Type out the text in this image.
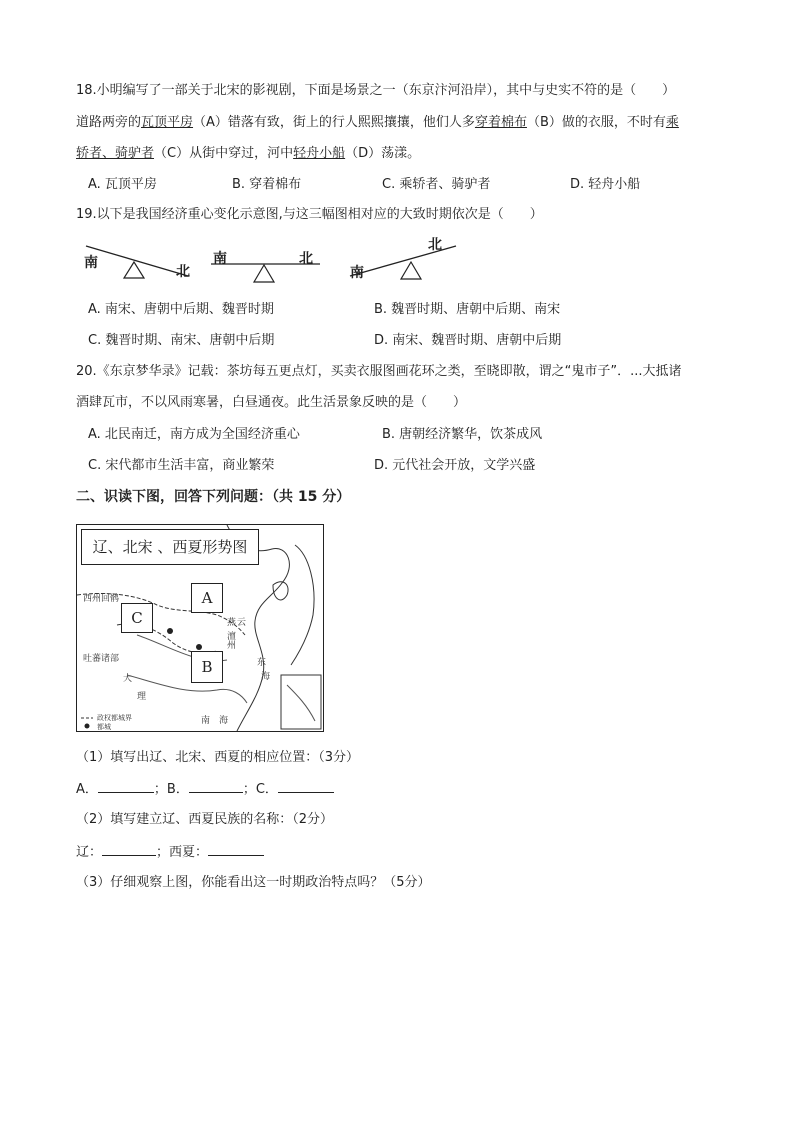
18.小明编写了一部关于北宋的影视剧，下面是场景之一（东京汴河沿岸），其中与史实不符的是（　　）
道路两旁的瓦顶平房（A）错落有致，街上的行人熙熙攘攘，他们人多穿着棉布（B）做的衣服，不时有乘
轿者、骑驴者（C）从街中穿过，河中轻舟小船（D）荡漾。
A. 瓦顶平房	B. 穿着棉布	C. 乘轿者、骑驴者	D. 轻舟小船
19.以下是我国经济重心变化示意图,与这三幅图相对应的大致时期依次是（　　）
南
北
南	北
南
北
A. 南宋、唐朝中后期、魏晋时期	B. 魏晋时期、唐朝中后期、南宋
C. 魏晋时期、南宋、唐朝中后期	D. 南宋、魏晋时期、唐朝中后期
20.《东京梦华录》记载：茶坊每五更点灯，买卖衣服图画花环之类，至晓即散，谓之“鬼市子”．...大抵诸
酒肆瓦市，不以风雨寒暑，白昼通夜。此生活景象反映的是（　　）
A. 北民南迁，南方成为全国经济重心	B. 唐朝经济繁华，饮茶成风
C. 宋代都市生活丰富，商业繁荣	D. 元代社会开放，文学兴盛
二、识读下图，回答下列问题：（共 15 分）
辽、北宋 、西夏形势图
A
C
B
西州回鹘
吐蕃诸部
大
理
东
海
南　海
燕 云
澶
州
政权都城界
都城
（1）填写出辽、北宋、西夏的相应位置：（3分）
A．	；B．	；C．
（2）填写建立辽、西夏民族的名称：（2分）
辽：	；西夏：
（3）仔细观察上图，你能看出这一时期政治特点吗？（5分）
